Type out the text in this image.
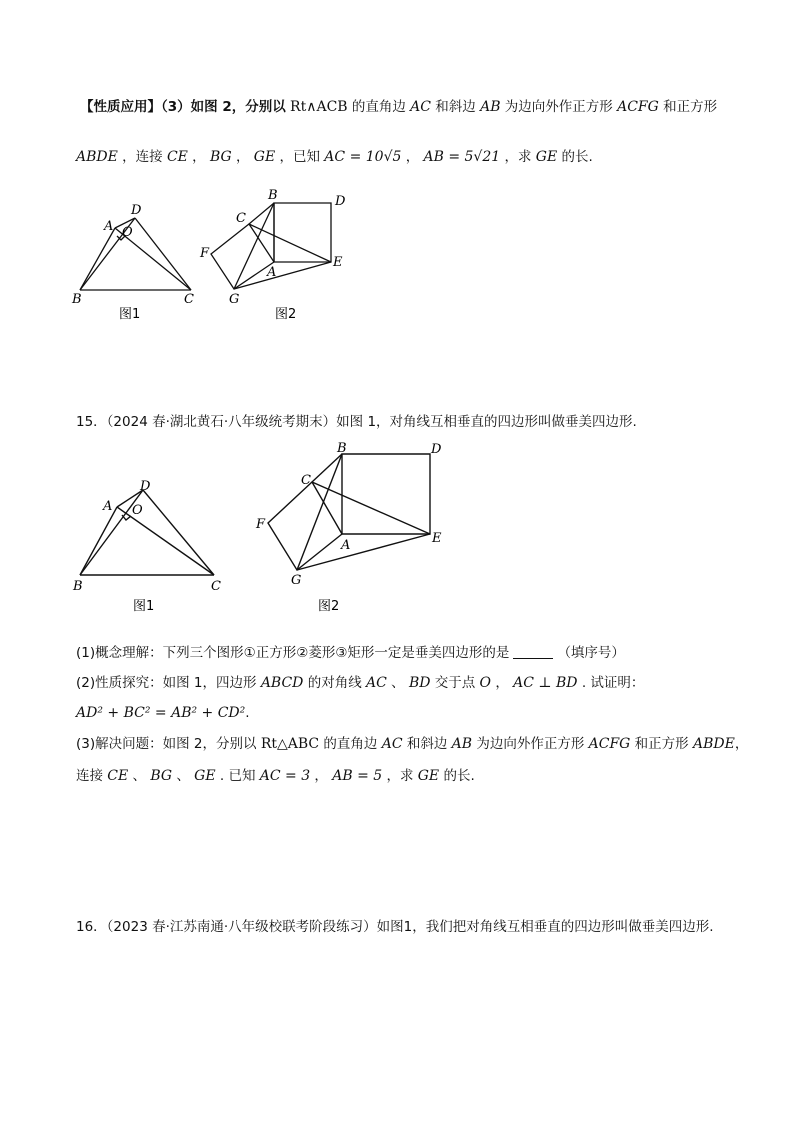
【性质应用】（3）如图 2，分别以 Rt∧ACB 的直角边 AC 和斜边 AB 为边向外作正方形 ACFG 和正方形
ABDE ，连接 CE ， BG ， GE ，已知 AC = 10√5 ， AB = 5√21 ，求 GE 的长.
A
D
O
B	C
图1
B	D
C
F
A
E
G
图2
15．（2024 春·湖北黄石·八年级统考期末）如图 1，对角线互相垂直的四边形叫做垂美四边形.
A
D
O
B	C
图1
B	D
C
F
A	E
G
图2
(1)概念理解：下列三个图形①正方形②菱形③矩形一定是垂美四边形的是	（填序号）
(2)性质探究：如图 1，四边形 ABCD 的对角线 AC 、 BD 交于点 O ， AC ⊥ BD . 试证明：
AD² + BC² = AB² + CD².
(3)解决问题：如图 2，分别以 Rt△ABC 的直角边 AC 和斜边 AB 为边向外作正方形 ACFG 和正方形 ABDE，
连接 CE 、 BG 、 GE . 已知 AC = 3 ， AB = 5 ，求 GE 的长.
16．（2023 春·江苏南通·八年级校联考阶段练习）如图1，我们把对角线互相垂直的四边形叫做垂美四边形.
